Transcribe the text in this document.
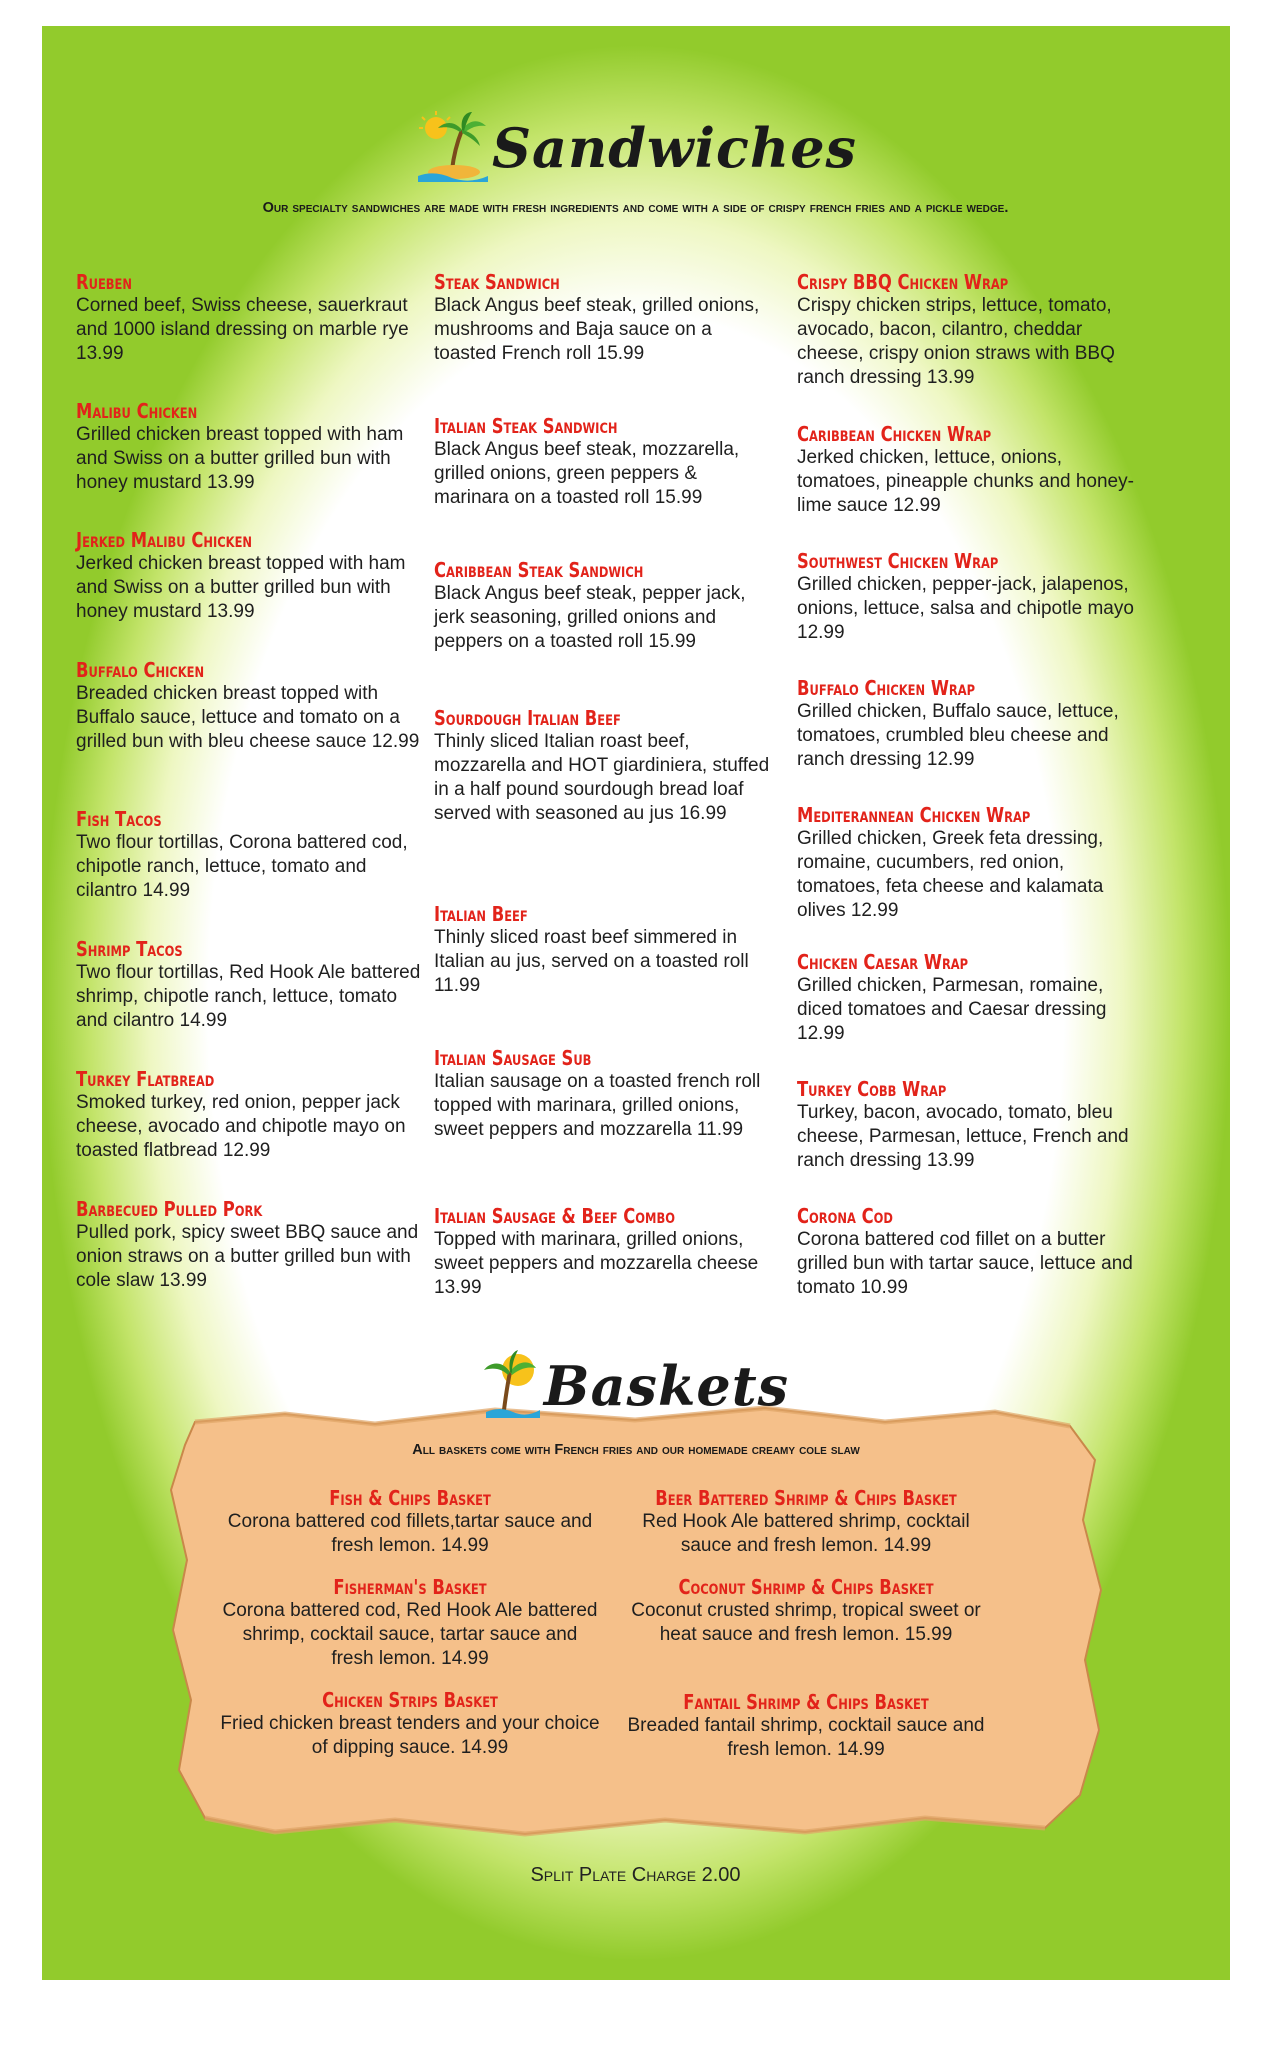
Sandwiches
Our specialty sandwiches are made with fresh ingredients and come with a side of crispy french fries and a pickle wedge.
Rueben
Corned beef, Swiss cheese, sauerkraut and 1000 island dressing on marble rye 13.99
Malibu Chicken
Grilled chicken breast topped with ham and Swiss on a butter grilled bun with honey mustard 13.99
Jerked Malibu Chicken
Jerked chicken breast topped with ham and Swiss on a butter grilled bun with honey mustard 13.99
Buffalo Chicken
Breaded chicken breast topped with Buffalo sauce, lettuce and tomato on a grilled bun with bleu cheese sauce 12.99
Fish Tacos
Two flour tortillas, Corona battered cod, chipotle ranch, lettuce, tomato and cilantro 14.99
Shrimp Tacos
Two flour tortillas, Red Hook Ale battered shrimp, chipotle ranch, lettuce, tomato and cilantro 14.99
Turkey Flatbread
Smoked turkey, red onion, pepper jack cheese, avocado and chipotle mayo on toasted flatbread 12.99
Barbecued Pulled Pork
Pulled pork, spicy sweet BBQ sauce and onion straws on a butter grilled bun with cole slaw 13.99
Steak Sandwich
Black Angus beef steak, grilled onions, mushrooms and Baja sauce on a toasted French roll 15.99
Italian Steak Sandwich
Black Angus beef steak, mozzarella, grilled onions, green peppers & marinara on a toasted roll 15.99
Caribbean Steak Sandwich
Black Angus beef steak, pepper jack, jerk seasoning, grilled onions and peppers on a toasted roll 15.99
Sourdough Italian Beef
Thinly sliced Italian roast beef, mozzarella and HOT giardiniera, stuffed in a half pound sourdough bread loaf served with seasoned au jus 16.99
Italian Beef
Thinly sliced roast beef simmered in Italian au jus, served on a toasted roll 11.99
Italian Sausage Sub
Italian sausage on a toasted french roll topped with marinara, grilled onions, sweet peppers and mozzarella 11.99
Italian Sausage & Beef Combo
Topped with marinara, grilled onions, sweet peppers and mozzarella cheese 13.99
Crispy BBQ Chicken Wrap
Crispy chicken strips, lettuce, tomato, avocado, bacon, cilantro, cheddar cheese, crispy onion straws with BBQ ranch dressing 13.99
Caribbean Chicken Wrap
Jerked chicken, lettuce, onions, tomatoes, pineapple chunks and honey-lime sauce 12.99
Southwest Chicken Wrap
Grilled chicken, pepper-jack, jalapenos, onions, lettuce, salsa and chipotle mayo 12.99
Buffalo Chicken Wrap
Grilled chicken, Buffalo sauce, lettuce, tomatoes, crumbled bleu cheese and ranch dressing 12.99
Mediterannean Chicken Wrap
Grilled chicken, Greek feta dressing, romaine, cucumbers, red onion, tomatoes, feta cheese and kalamata olives 12.99
Chicken Caesar Wrap
Grilled chicken, Parmesan, romaine, diced tomatoes and Caesar dressing 12.99
Turkey Cobb Wrap
Turkey, bacon, avocado, tomato, bleu cheese, Parmesan, lettuce, French and ranch dressing 13.99
Corona Cod
Corona battered cod fillet on a butter grilled bun with tartar sauce, lettuce and tomato 10.99
Baskets
All baskets come with French fries and our homemade creamy cole slaw
Fish & Chips Basket
Corona battered cod fillets,tartar sauce and fresh lemon. 14.99
Fisherman's Basket
Corona battered cod, Red Hook Ale battered shrimp, cocktail sauce, tartar sauce and fresh lemon. 14.99
Chicken Strips Basket
Fried chicken breast tenders and your choice of dipping sauce. 14.99
Beer Battered Shrimp & Chips Basket
Red Hook Ale battered shrimp, cocktail sauce and fresh lemon. 14.99
Coconut Shrimp & Chips Basket
Coconut crusted shrimp, tropical sweet or heat sauce and fresh lemon. 15.99
Fantail Shrimp & Chips Basket
Breaded fantail shrimp, cocktail sauce and fresh lemon. 14.99
Split Plate Charge 2.00
